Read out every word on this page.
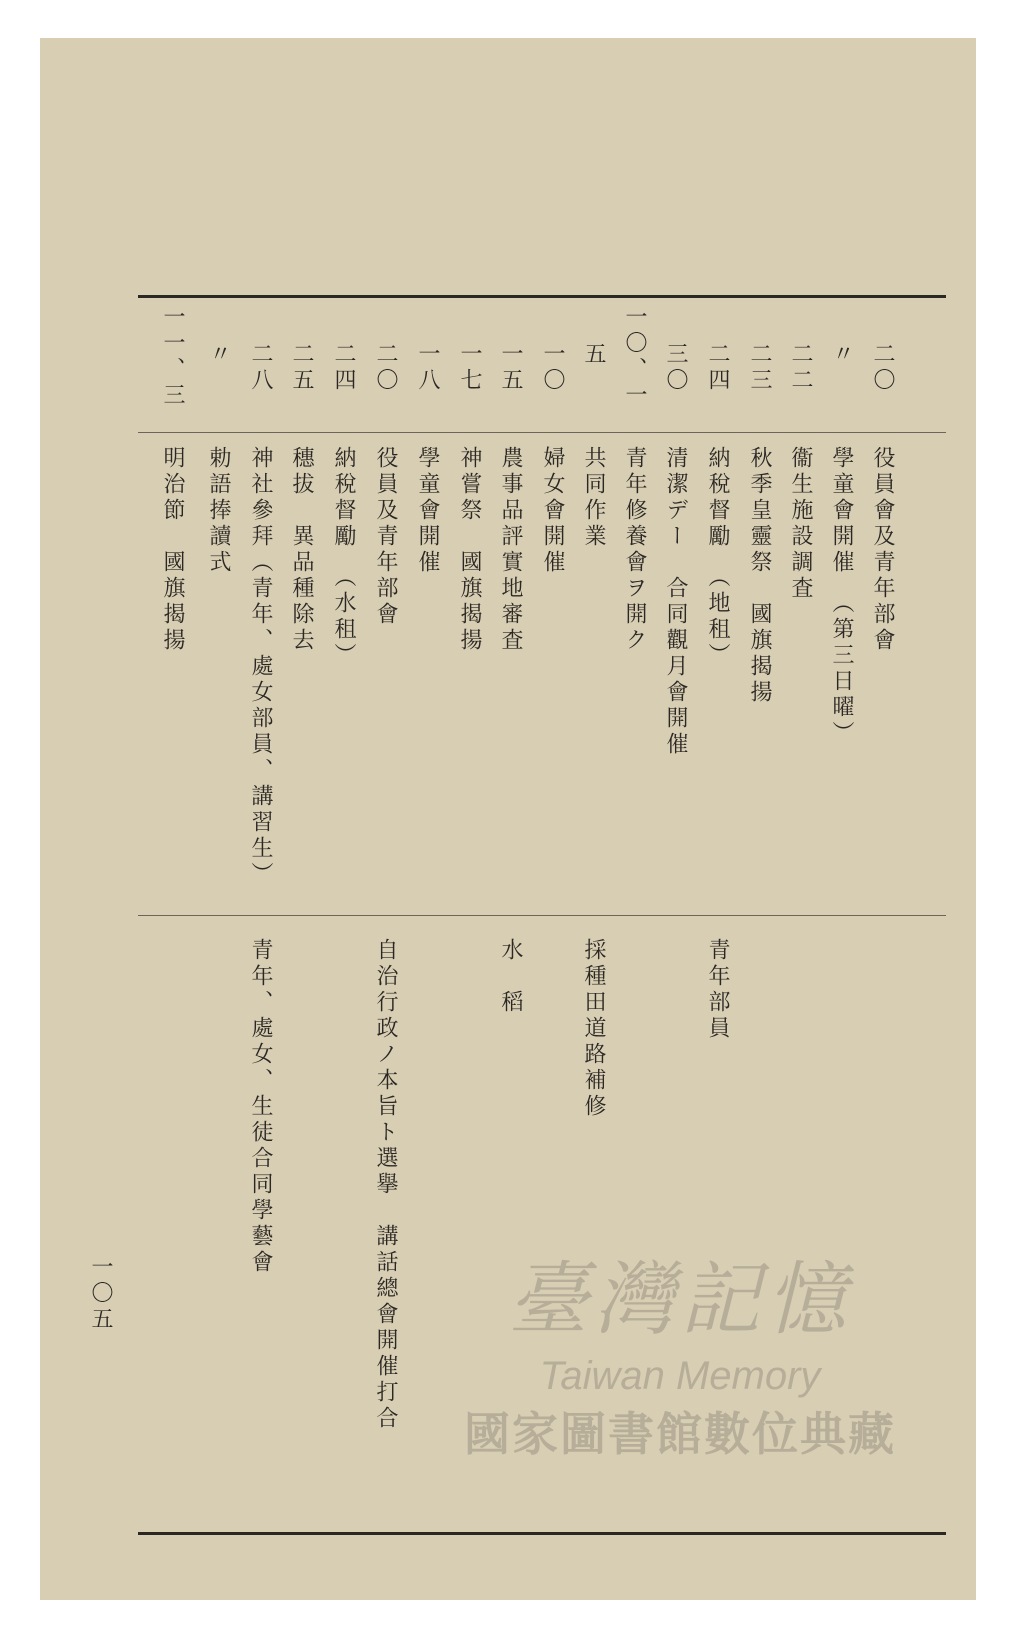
二〇
役員會及青年部會
〃
學童會開催　（第三日曜）
二二
衞生施設調査
二三
秋季皇靈祭　國旗揭揚
二四
納稅督勵　（地租）
青年部員
三〇
清潔デー　合同觀月會開催
一〇、一
青年修養會ヲ開ク
五
共同作業
採種田道路補修
一〇
婦女會開催
一五
農事品評實地審査
水　稻
一七
神嘗祭　國旗揭揚
一八
學童會開催
二〇
役員及青年部會
自治行政ノ本旨ト選擧　講話總會開催打合
二四
納稅督勵　（水租）
二五
穗拔　異品種除去
二八
神社參拜（青年、處女部員、講習生）
青年、處女、生徒合同學藝會
〃
勅語捧讀式
一一、三
明治節　國旗揭揚
一〇五	臺灣記憶
Taiwan Memory
國家圖書館數位典藏
